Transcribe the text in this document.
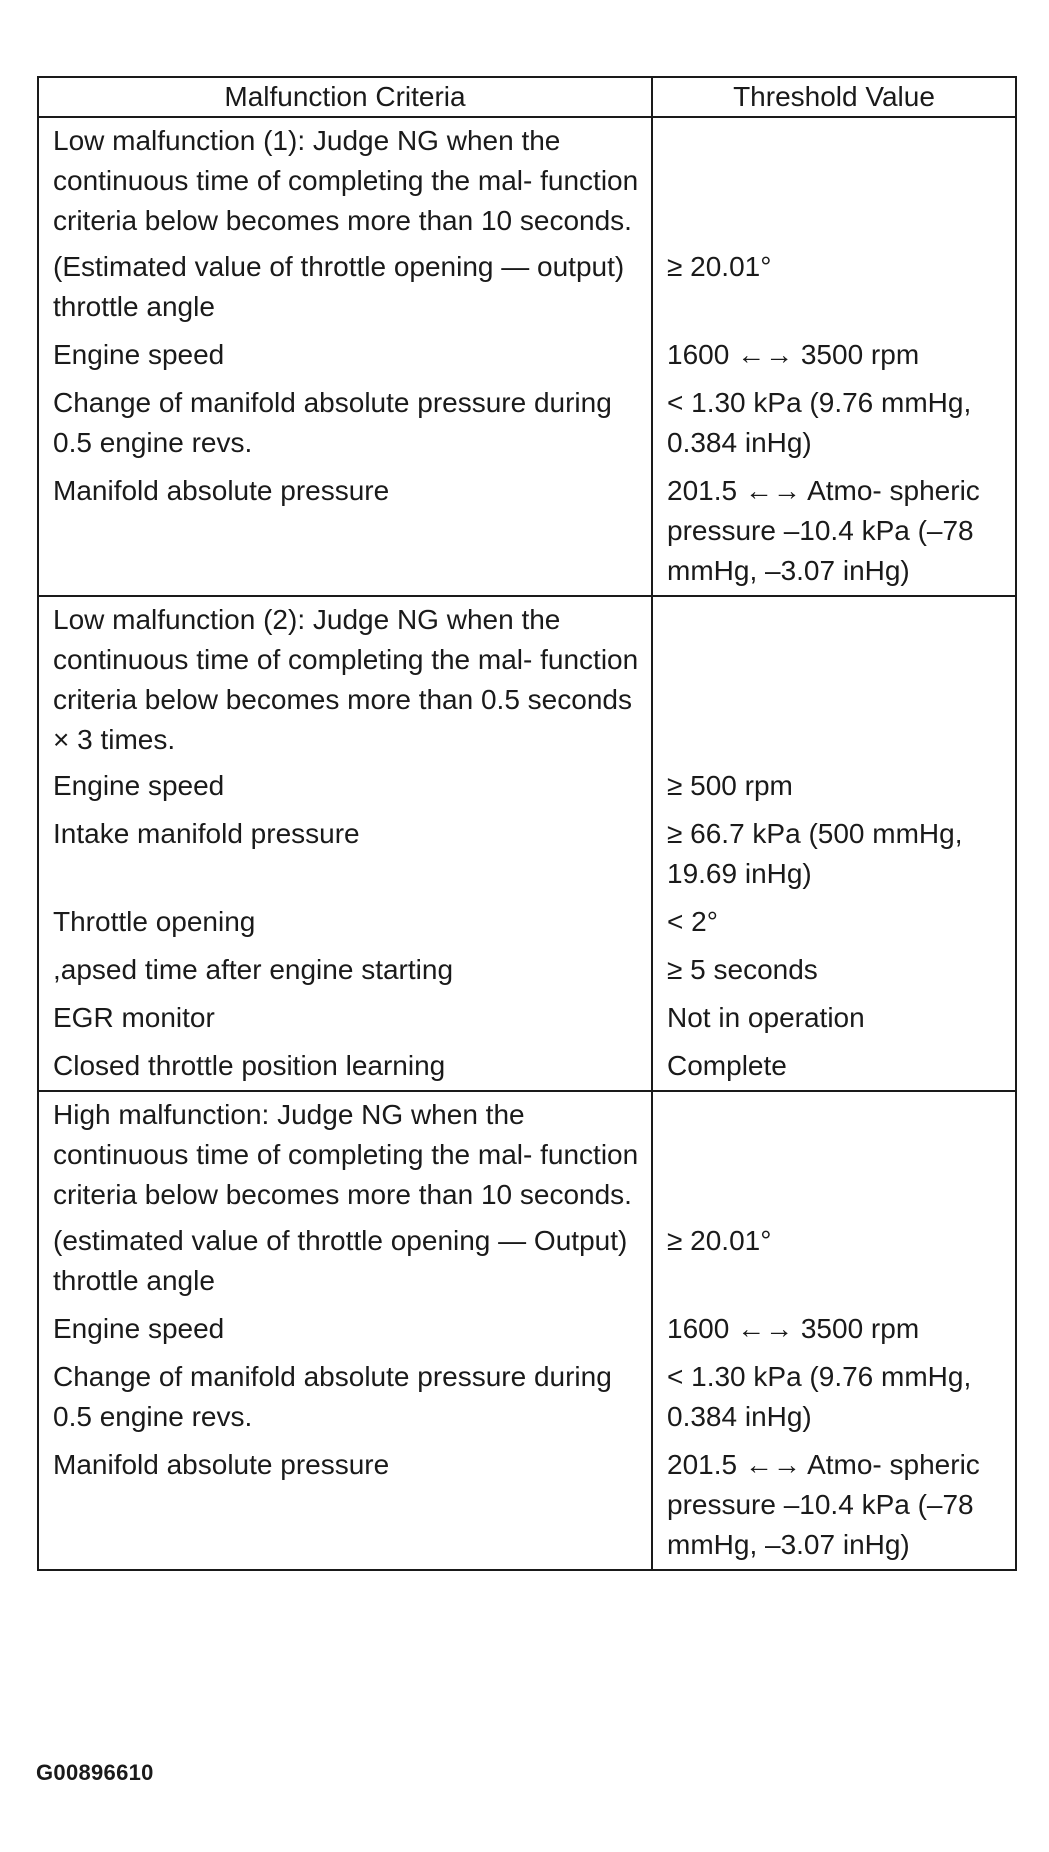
Malfunction Criteria	Threshold Value
Low malfunction (1): Judge NG when the continuous time of completing the mal- function criteria below becomes more than 10 seconds.	
(Estimated value of throttle opening — output) throttle angle	≥ 20.01°
Engine speed	1600 ←→ 3500 rpm
Change of manifold absolute pressure during 0.5 engine revs.	< 1.30 kPa (9.76 mmHg, 0.384 inHg)
Manifold absolute pressure	201.5 ←→ Atmo- spheric pressure –10.4 kPa (–78 mmHg, –3.07 inHg)
Low malfunction (2): Judge NG when the continuous time of completing the mal- function criteria below becomes more than 0.5 seconds × 3 times.	
Engine speed	≥ 500 rpm
Intake manifold pressure	≥ 66.7 kPa (500 mmHg, 19.69 inHg)
Throttle opening	< 2°
,apsed time after engine starting	≥ 5 seconds
EGR monitor	Not in operation
Closed throttle position learning	Complete
High malfunction: Judge NG when the continuous time of completing the mal- function criteria below becomes more than 10 seconds.	
(estimated value of throttle opening — Output) throttle angle	≥ 20.01°
Engine speed	1600 ←→ 3500 rpm
Change of manifold absolute pressure during 0.5 engine revs.	< 1.30 kPa (9.76 mmHg, 0.384 inHg)
Manifold absolute pressure	201.5 ←→ Atmo- spheric pressure –10.4 kPa (–78 mmHg, –3.07 inHg)
G00896610
